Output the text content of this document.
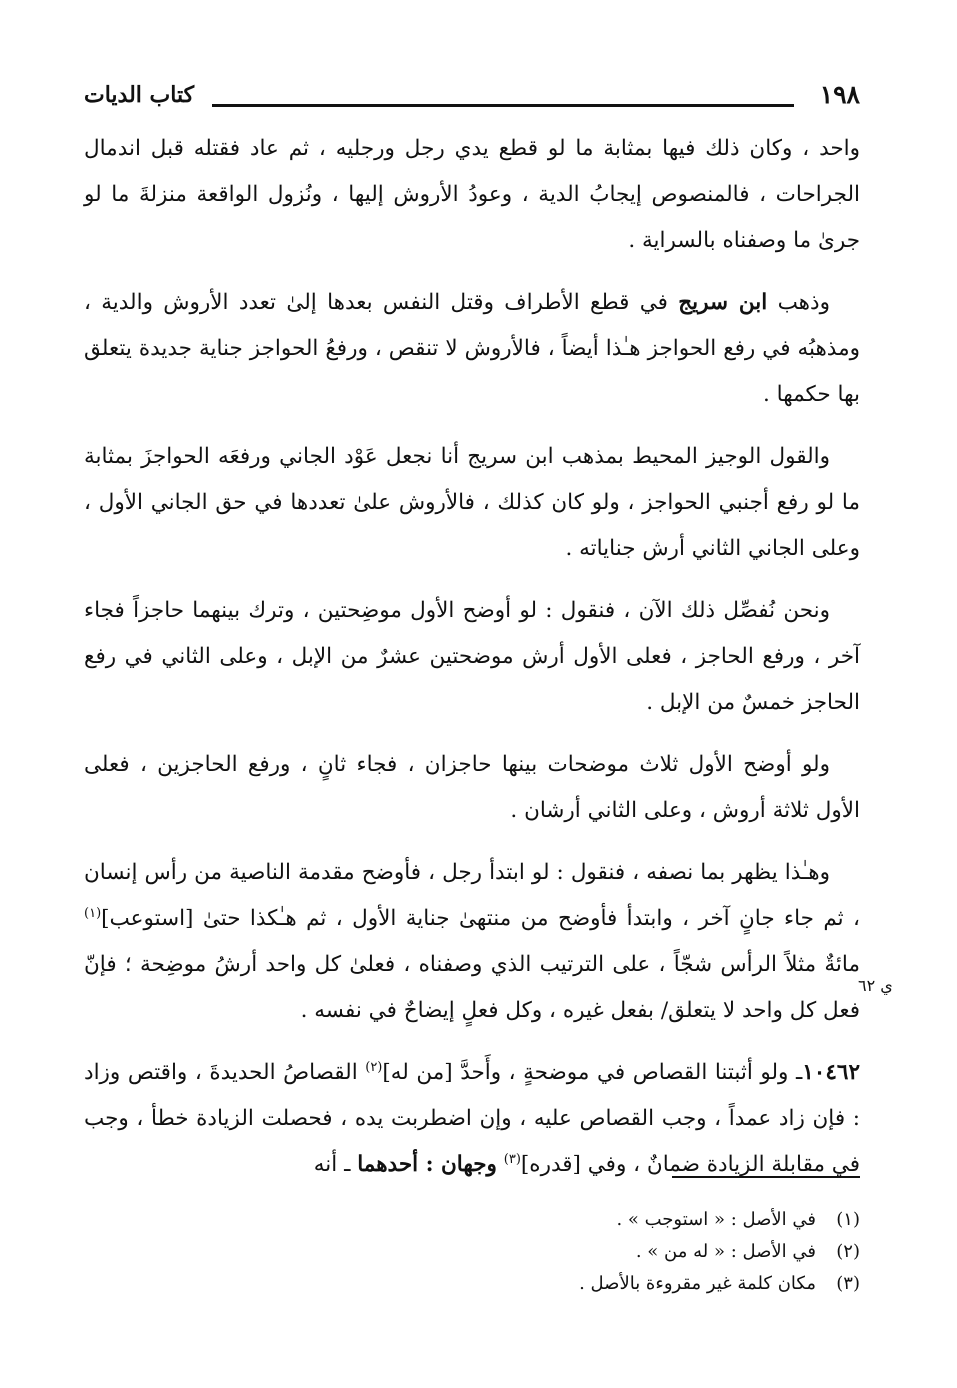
١٩٨
كتاب الديات

واحد ، وكان ذلك فيها بمثابة ما لو قطع يدي رجل ورجليه ، ثم عاد فقتله قبل اندمال الجراحات ، فالمنصوص إيجابُ الدية ، وعودُ الأروش إليها ، ونُزول الواقعة منزلةَ ما لو جرىٰ ما وصفناه بالسراية .

وذهب ابن سريج في قطع الأطراف وقتل النفس بعدها إلىٰ تعدد الأروش والدية ، ومذهبُه في رفع الحواجز هـٰذا أيضاً ، فالأروش لا تنقص ، ورفعُ الحواجز جناية جديدة يتعلق بها حكمها .

والقول الوجيز المحيط بمذهب ابن سريج أنا نجعل عَوْد الجاني ورفعَه الحواجزَ بمثابة ما لو رفع أجنبي الحواجز ، ولو كان كذلك ، فالأروش علىٰ تعددها في حق الجاني الأول ، وعلى الجاني الثاني أرش جناياته .

ونحن نُفصِّل ذلك الآن ، فنقول : لو أوضح الأول موضِحتين ، وترك بينهما حاجزاً فجاء آخر ، ورفع الحاجز ، فعلى الأول أرش موضحتين عشرٌ من الإبل ، وعلى الثاني في رفع الحاجز خمسٌ من الإبل .

ولو أوضح الأول ثلاث موضحات بينها حاجزان ، فجاء ثانٍ ، ورفع الحاجزين ، فعلى الأول ثلاثة أروش ، وعلى الثاني أرشان .

وهـٰذا يظهر بما نصفه ، فنقول : لو ابتدأ رجل ، فأوضح مقدمة الناصية من رأس إنسان ، ثم جاء جانٍ آخر ، وابتدأ فأوضح من منتهىٰ جناية الأول ، ثم هـٰكذا حتىٰ [استوعب]$^{(١)}$ مائةٌ مثلاً الرأس شجّاً ، على الترتيب الذي وصفناه ، فعلىٰ كل واحد أرشُ موضِحة ؛ فإنّ فعل كل واحد لا يتعلق/ بفعل غيره ، وكل فعلٍ إيضاحٌ في نفسه .

١٠٤٦٢ـ ولو أثبتنا القصاص في موضحةٍ ، وأَحدَّ [من له]$^{(٢)}$ القصاصُ الحديدةَ ، واقتص وزاد : فإن زاد عمداً ، وجب القصاص عليه ، وإن اضطربت يده ، فحصلت الزيادة خطأ ، وجب في مقابلة الزيادة ضمانٌ ، وفي [قدره]$^{(٣)}$ وجهان : أحدهما ـ أنه

ي ٦٢

(١)في الأصل : « استوجب » .

(٢)في الأصل : « له من » .

(٣)مكان كلمة غير مقروءة بالأصل .
